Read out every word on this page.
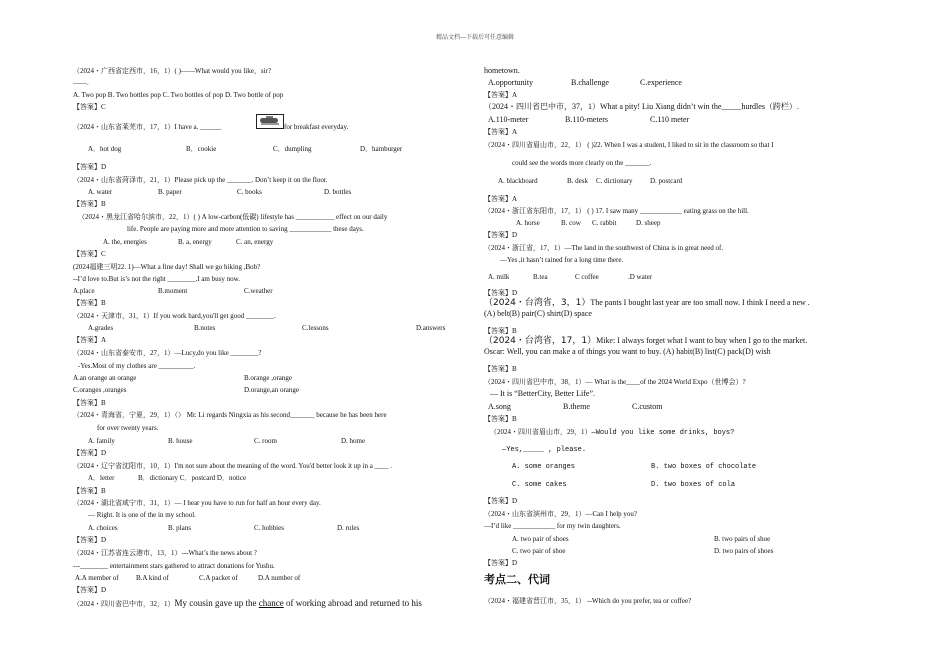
精品文档---下载后可任意编辑
（2024・广西省定西市，16，1）( )——What would you like，sir?
——.
A. Two pop B. Two bottles pop C. Two bottles of pop D. Two bottle of pop
【答案】C
（2024・山东省莱芜市，17，1）I have a. ______	for breakfast everyday.
A．hot dog	B．cookie	C．dumpling	D．hamburger
【答案】D
（2024・山东省菏泽市，21，1）Please pick up the _______. Don’t keep it on the floor.
A. water	B. paper	C. books	D. bottles
【答案】B
（2024・黑龙江省哈尔滨市，22，1）( ) A low-carbon(低碳) lifestyle has ___________ effect on our daily
life. People are paying more and more attention to saving ____________ these days.
A. the, energies	B. a, energy	C. an, energy
【答案】C
(2024福建三明22. 1)—What a fine day! Shall we go hiking ,Bob?
--I’d love to.But is’s not the right ________.I am busy now.
A.place	B.moment	C.weather
【答案】B
（2024・天津市，31，1）If you work hard,you'll get good ________.
A.grades	B.notes	C.lessons	D.answers
【答案】A
（2024・山东省泰安市，27，1）—Lucy,do you like ________?
-Yes.Most of my clothes are __________.
A.an orange an orange	B.orange ,orange
C.oranges ,oranges	D.orange,an orange
【答案】B
（2024・青海省，宁夏，29，1）（） Mr. Li regards Ningxia as his second_______ because he has been here
for over twenty years.
A. family	B. house	C. room	D. home
【答案】D
（2024・辽宁省沈阳市，10，1）I'm not sure about the meaning of the word. You'd better look it up in a ____ .
A．letter	B．dictionary C．postcard D．notice
【答案】B
（2024・湖北省咸宁市，31，1）— I hear you have to run for half an hour every day.
— Right. It is one of the in my school.
A. choices	B. plans	C. hobbies	D. rules
【答案】D
（2024・江苏省连云港市，13，1）---What’s the news about ?
---________ entertainment stars gathered to attract donations for Yushu.
A.A member of B.A kind of	C.A packet of	D.A number of
【答案】D
（2024・四川省巴中市，32，1）My cousin gave up the chance of working abroad and returned to his
hometown.
A.opportunity	B.challenge	C.experience
【答案】A
（2024・四川省巴中市，37，1）What a pity! Liu Xiang didn’t win the_____hurdles（跨栏）.
A.110-meter	B.110-meters	C.110 meter
【答案】A
（2024・四川省眉山市，22，1） ( )22. When I was a student, I liked to sit in the classroom so that I
could see the words more clearly on the _______.
A. blackboard	B. desk C. dictionary D. postcard
【答案】A
（2024・浙江省东阳市，17，1） ( ) 17. I saw many ____________ eating grass on the hill.
A. horse	B. cow C. rabbit	D. sheep
【答案】D
（2024・浙江省，17，1）—The land in the southwest of China is in great need of.
—Yes ,it hasn’t rained for a long time there.
A. milk	B.tea	C coffee	.D water
【答案】D
（2024・台湾省，3，1）The pants I bought last year are too small now. I think I need a new .
(A) belt(B) pair(C) shirt(D) space
【答案】B
（2024・台湾省，17，1）Mike: I always forget what I want to buy when I go to the market.
Oscar: Well, you can make a of things you want to buy. (A) habit(B) list(C) pack(D) wish
【答案】B
（2024・四川省巴中市，38，1）— What is the____of the 2024 World Expo（世博会）?
— It is “BetterCity, Better Life”.
A.song	B.theme	C.custom
【答案】B
（2024・四川省眉山市，29，1）—Would you like some drinks, boys?
—Yes,_____ , please.
A. some oranges	B. two boxes of chocolate
C. some cakes	D. two boxes of cola
【答案】D
（2024・山东省滨州市，29，1）—Can I help you?
—I’d like ____________ for my twin daughters.
A. two pair of shoes	B. two pairs of shoe
C. two pair of shoe	D. two pairs of shoes
【答案】D
考点二、代词
（2024・福建省晋江市，35，1） --Which do you prefer, tea or coffee?
